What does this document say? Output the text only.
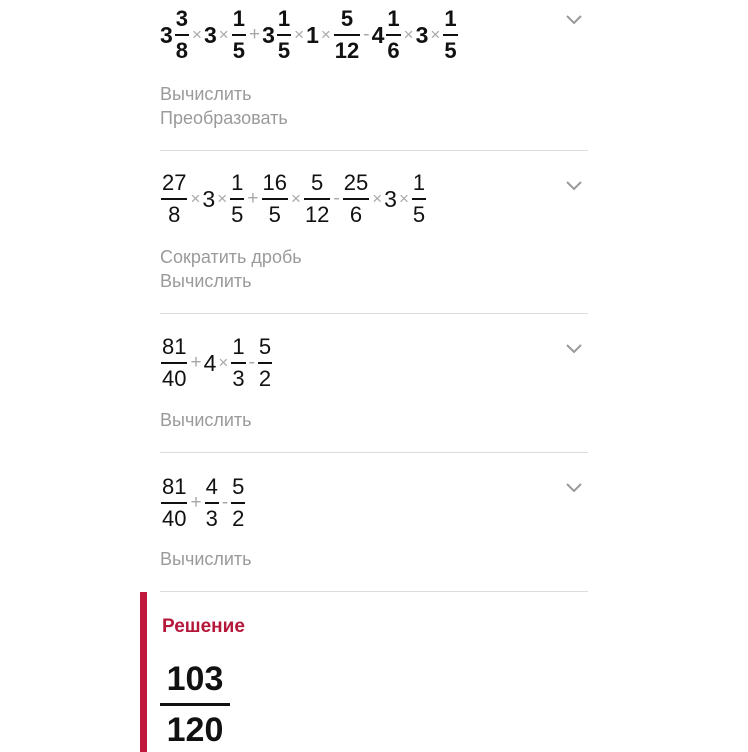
$3 \frac{3}{8} \times 3 \times \frac{1}{5} + 3 \frac{1}{5} \times 1 \times \frac{5}{12} - 4 \frac{1}{6} \times 3 \times \frac{1}{5}$
Вычислить
Преобразовать
$\frac{27}{8} \times 3 \times \frac{1}{5} + \frac{16}{5} \times \frac{5}{12} - \frac{25}{6} \times 3 \times \frac{1}{5}$
Сократить дробь
Вычислить
$\frac{81}{40} + 4 \times \frac{1}{3} - \frac{5}{2}$
Вычислить
$\frac{81}{40} + \frac{4}{3} - \frac{5}{2}$
Вычислить
Решение
103
120
